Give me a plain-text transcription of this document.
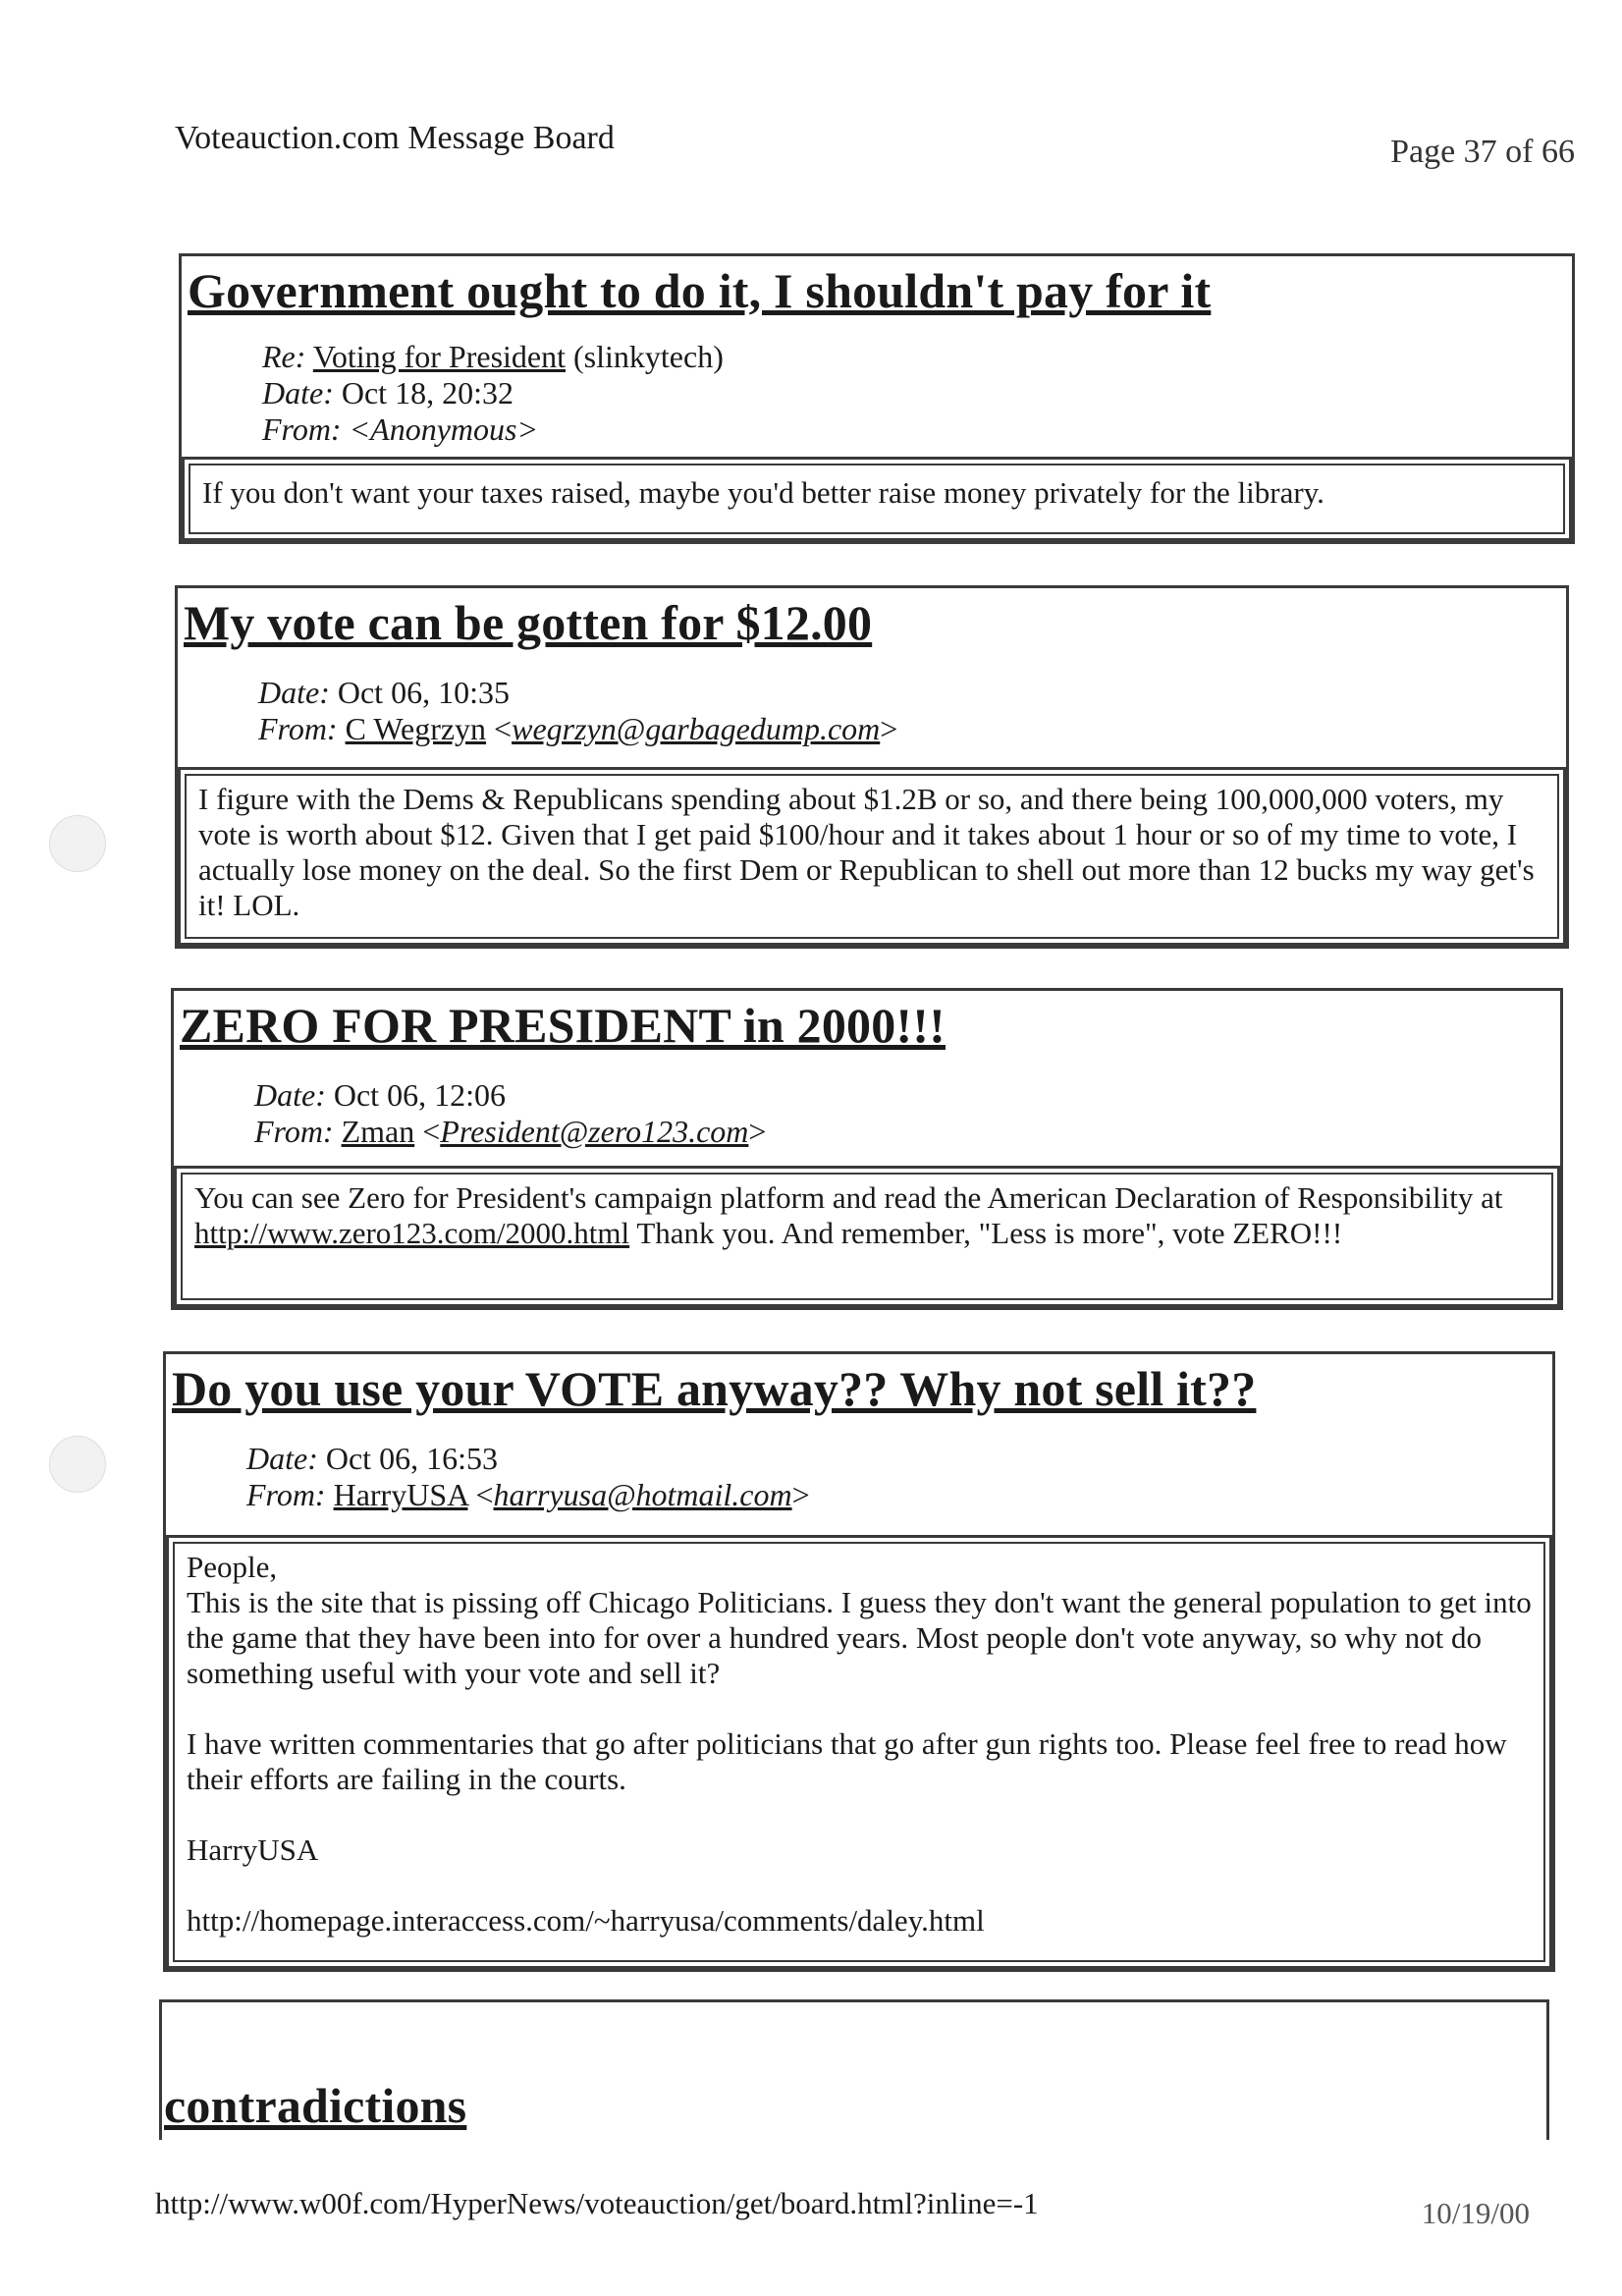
Voteauction.com Message Board	Page 37 of 66
Government ought to do it, I shouldn't pay for it
Re: Voting for President (slinkytech)
Date: Oct 18, 20:32
From: <Anonymous>

If you don't want your taxes raised, maybe you'd better raise money privately for the library.

My vote can be gotten for $12.00
Date: Oct 06, 10:35
From: C Wegrzyn <wegrzyn@garbagedump.com>

I figure with the Dems & Republicans spending about $1.2B or so, and there being 100,000,000 voters, my vote is worth about $12. Given that I get paid $100/hour and it takes about 1 hour or so of my time to vote, I actually lose money on the deal. So the first Dem or Republican to shell out more than 12 bucks my way get's it! LOL.

ZERO FOR PRESIDENT in 2000!!!
Date: Oct 06, 12:06
From: Zman <President@zero123.com>

You can see Zero for President's campaign platform and read the American Declaration of Responsibility at http://www.zero123.com/2000.html Thank you. And remember, "Less is more", vote ZERO!!!

Do you use your VOTE anyway?? Why not sell it??
Date: Oct 06, 16:53
From: HarryUSA <harryusa@hotmail.com>

People,

This is the site that is pissing off Chicago Politicians. I guess they don't want the general population to get into the game that they have been into for over a hundred years. Most people don't vote anyway, so why not do something useful with your vote and sell it?

I have written commentaries that go after politicians that go after gun rights too. Please feel free to read how their efforts are failing in the courts.

HarryUSA

http://homepage.interaccess.com/~harryusa/comments/daley.html

contradictions
http://www.w00f.com/HyperNews/voteauction/get/board.html?inline=-1	10/19/00
